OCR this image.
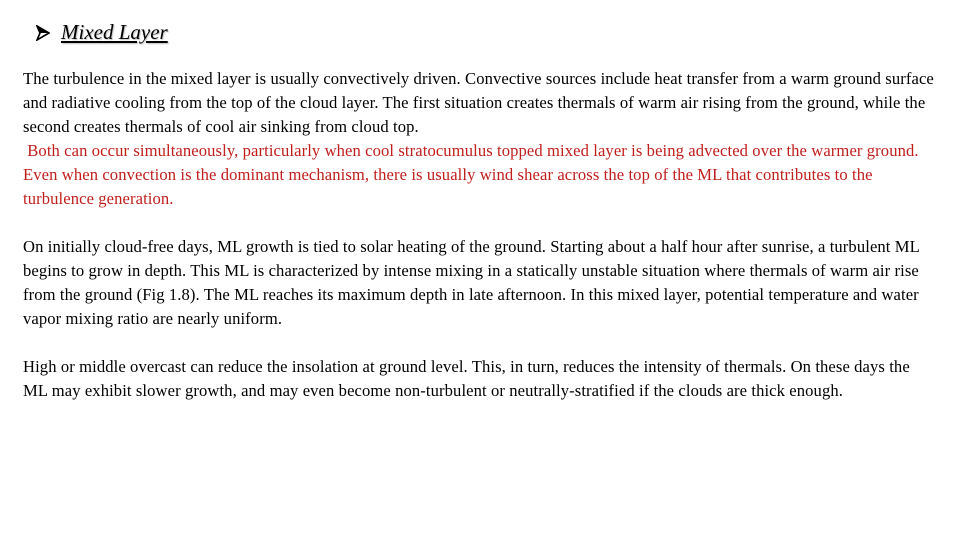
Mixed Layer

The turbulence in the mixed layer is usually convectively driven. Convective sources include heat transfer from a warm ground surface and radiative cooling from the top of the cloud layer. The first situation creates thermals of warm air rising from the ground, while the second creates thermals of cool air sinking from cloud top.

Both can occur simultaneously, particularly when cool stratocumulus topped mixed layer is being advected over the warmer ground.

Even when convection is the dominant mechanism, there is usually wind shear across the top of the ML that contributes to the turbulence generation.

On initially cloud-free days, ML growth is tied to solar heating of the ground. Starting about a half hour after sunrise, a turbulent ML begins to grow in depth. This ML is characterized by intense mixing in a statically unstable situation where thermals of warm air rise from the ground (Fig 1.8). The ML reaches its maximum depth in late afternoon. In this mixed layer, potential temperature and water vapor mixing ratio are nearly uniform.

High or middle overcast can reduce the insolation at ground level. This, in turn, reduces the intensity of thermals. On these days the ML may exhibit slower growth, and may even become non-turbulent or neutrally-stratified if the clouds are thick enough.
